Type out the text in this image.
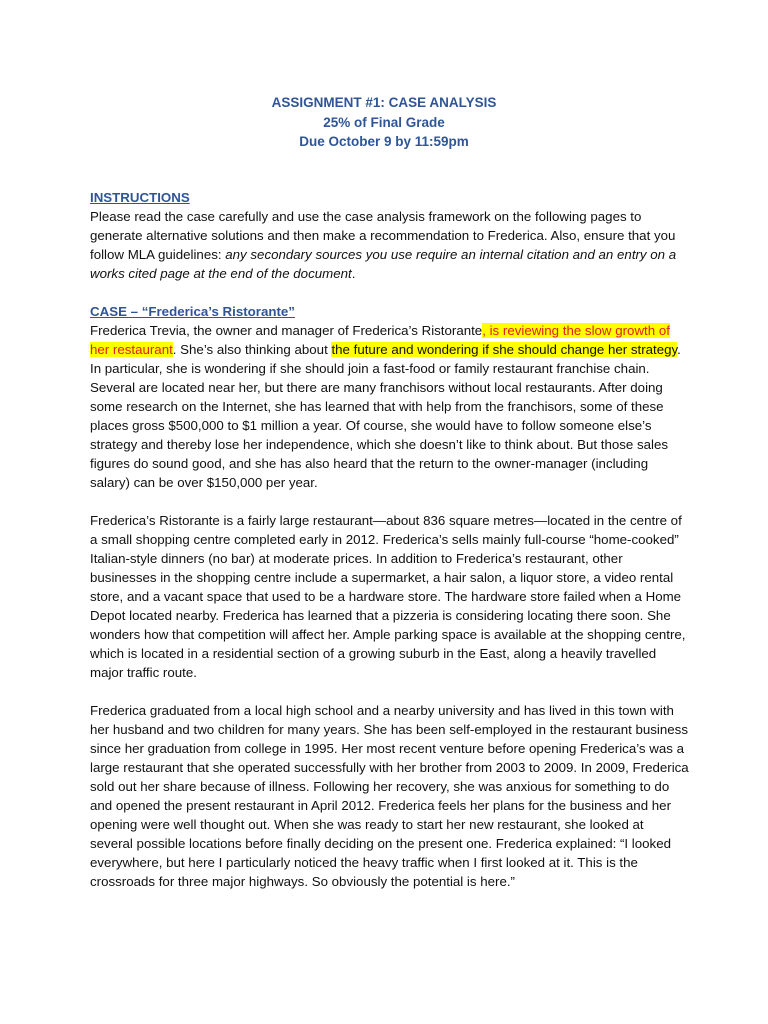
ASSIGNMENT #1: CASE ANALYSIS
25% of Final Grade
Due October 9 by 11:59pm
INSTRUCTIONS

Please read the case carefully and use the case analysis framework on the following pages to generate alternative solutions and then make a recommendation to Frederica. Also, ensure that you follow MLA guidelines: any secondary sources you use require an internal citation and an entry on a works cited page at the end of the document.

CASE – “Frederica’s Ristorante”

Frederica Trevia, the owner and manager of Frederica’s Ristorante, is reviewing the slow growth of her restaurant. She’s also thinking about the future and wondering if she should change her strategy. In particular, she is wondering if she should join a fast-food or family restaurant franchise chain. Several are located near her, but there are many franchisors without local restaurants. After doing some research on the Internet, she has learned that with help from the franchisors, some of these places gross $500,000 to $1 million a year. Of course, she would have to follow someone else’s strategy and thereby lose her independence, which she doesn’t like to think about. But those sales figures do sound good, and she has also heard that the return to the owner-manager (including salary) can be over $150,000 per year.

Frederica’s Ristorante is a fairly large restaurant—about 836 square metres—located in the centre of a small shopping centre completed early in 2012. Frederica’s sells mainly full-course “home-cooked” Italian-style dinners (no bar) at moderate prices. In addition to Frederica’s restaurant, other businesses in the shopping centre include a supermarket, a hair salon, a liquor store, a video rental store, and a vacant space that used to be a hardware store. The hardware store failed when a Home Depot located nearby. Frederica has learned that a pizzeria is considering locating there soon. She wonders how that competition will affect her. Ample parking space is available at the shopping centre, which is located in a residential section of a growing suburb in the East, along a heavily travelled major traffic route.

Frederica graduated from a local high school and a nearby university and has lived in this town with her husband and two children for many years. She has been self-employed in the restaurant business since her graduation from college in 1995. Her most recent venture before opening Frederica’s was a large restaurant that she operated successfully with her brother from 2003 to 2009. In 2009, Frederica sold out her share because of illness. Following her recovery, she was anxious for something to do and opened the present restaurant in April 2012. Frederica feels her plans for the business and her opening were well thought out. When she was ready to start her new restaurant, she looked at several possible locations before finally deciding on the present one. Frederica explained: “I looked everywhere, but here I particularly noticed the heavy traffic when I first looked at it. This is the crossroads for three major highways. So obviously the potential is here.”
